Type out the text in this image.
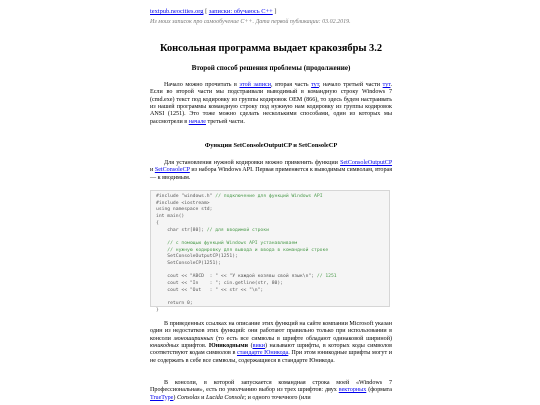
textpub.neocities.org [ записки: обучаюсь C++ ]
Из моих записок про самообучение C++. Дата первой публикации: 03.02.2019.
Консольная программа выдает кракозябры 3.2
Второй способ решения проблемы (продолжение)

Начало можно прочитать в этой записи, вторая часть тут, начало третьей части тут. Если во второй части мы подстраивали выводимый в командную строку Windows 7 (cmd.exe) текст под кодировку из группы кодировок OEM (866), то здесь будем настраивать из нашей программы командную строку под нужную нам кодировку из группы кодировок ANSI (1251). Это тоже можно сделать несколькими способами, один из которых мы рассмотрели в начале третьей части.

Функции SetConsoleOutputCP и SetConsoleCP

Для установления нужной кодировки можно применить функции SetConsoleOutputCP и SetConsoleCP из набора Windows API. Первая применяется к выводимым символам, вторая — к вводимым.

#include "windows.h" // подключение для функций Windows API
#include <iostream>
using namespace std;
int main()
{
char str[80]; // для вводимой строки

// с помощью функций Windows API устанавливаем
// нужную кодировку для вывода и ввода в командной строке
SetConsoleOutputCP(1251);
SetConsoleCP(1251);

cout << "ABCD  : " << "У каждой козявы свой язык\n"; // 1251
cout << "In    : "; cin.getline(str, 80);
cout << "Out   : " << str << "\n";

return 0;
}

В приведенных ссылках на описание этих функций на сайте компании Microsoft указан один из недостатков этих функций: они работают правильно только при использовании в консоли моноширинных (то есть все символы в шрифте обладают одинаковой шириной) юникодных шрифтов. Юникодными (вики) называют шрифты, в которых коды символов соответствуют кодам символов в стандарте Юникода. При этом юникодные шрифты могут и не содержать в себе все символы, содержащиеся в стандарте Юникода.

В консоли, в которой запускается командная строка моей «Windows 7 Профессиональная», есть по умолчанию выбор из трех шрифтов: двух векторных (формата TrueType) Consolas и Lucida Console; и одного точечного (или
